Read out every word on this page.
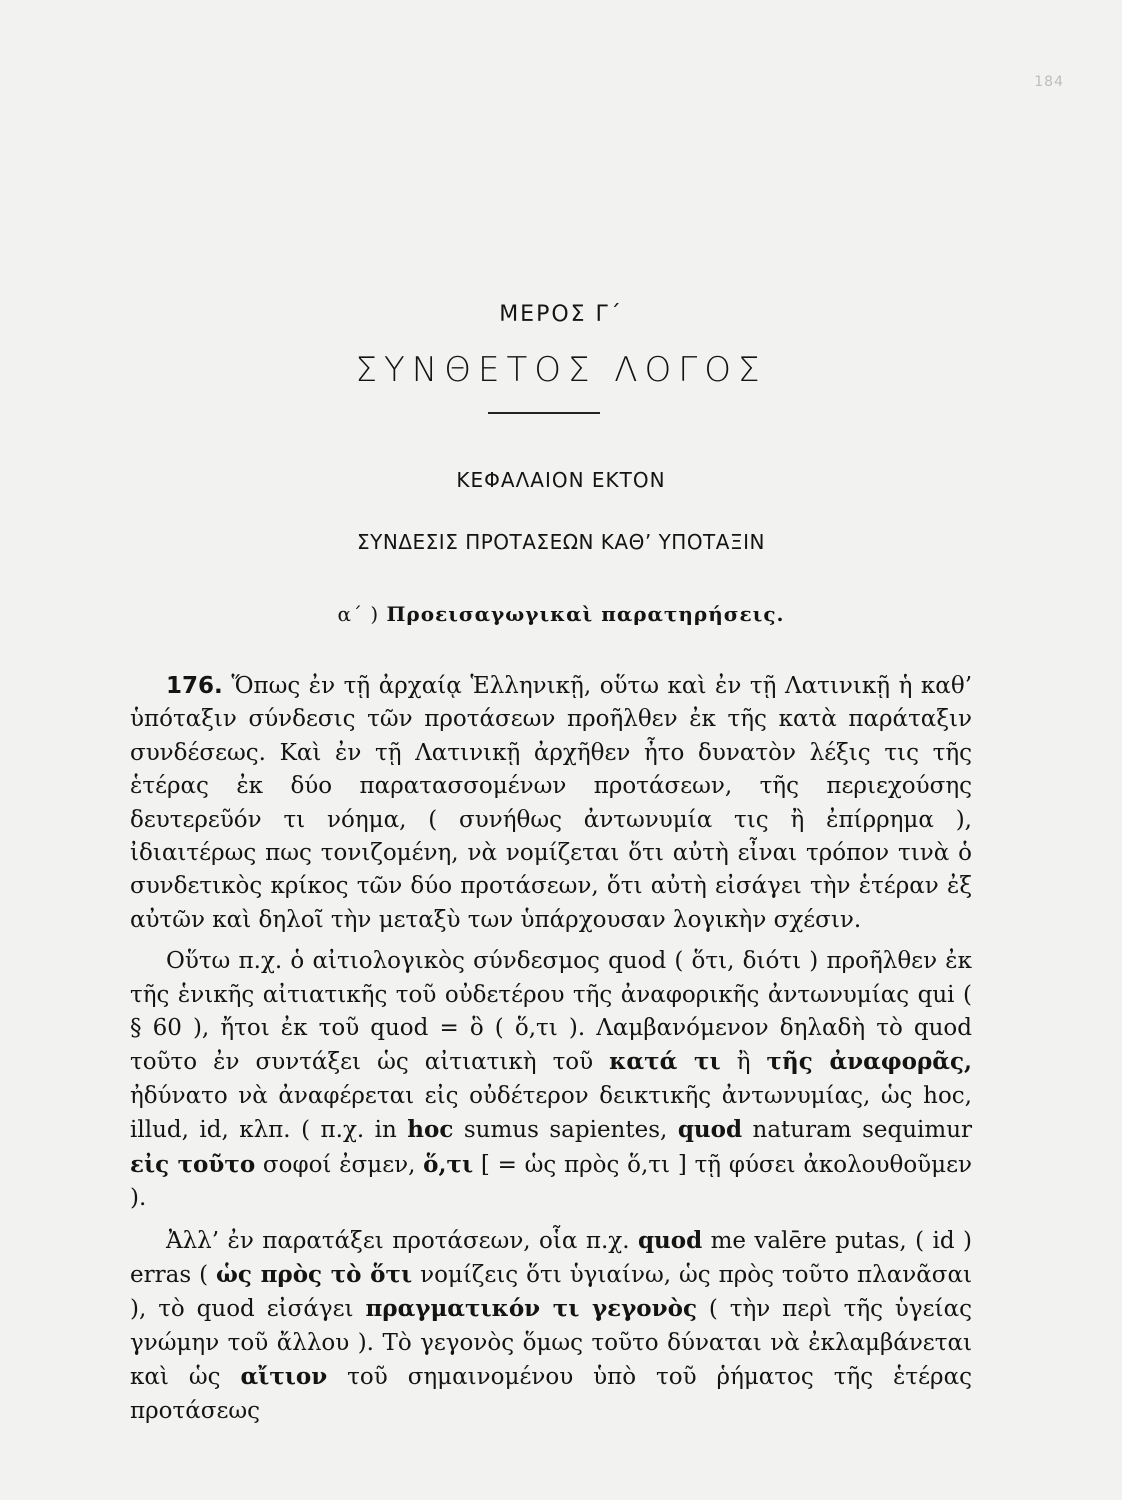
184
ΜΕΡΟΣ Γ΄
ΣΥΝΘΕΤΟΣ ΛΟΓΟΣ
ΚΕΦΑΛΑΙΟΝ ΕΚΤΟΝ
ΣΥΝΔΕΣΙΣ ΠΡΟΤΑΣΕΩΝ ΚΑΘ’ ΥΠΟΤΑΞΙΝ
α΄ ) Προεισαγωγικαὶ παρατηρήσεις.

176. Ὅπως ἐν τῇ ἀρχαίᾳ Ἑλληνικῇ, οὕτω καὶ ἐν τῇ Λατινικῇ ἡ καθ’ ὑπόταξιν σύνδεσις τῶν προτάσεων προῆλθεν ἐκ τῆς κατὰ παράταξιν συνδέσεως. Καὶ ἐν τῇ Λατινικῇ ἀρχῆθεν ἦτο δυνατὸν λέξις τις τῆς ἑτέρας ἐκ δύο παρατασσομένων προτάσεων, τῆς περιεχούσης δευτερεῦόν τι νόημα, ( συνήθως ἀντωνυμία τις ἢ ἐπίρρημα ), ἰδιαιτέρως πως τονιζομένη, νὰ νομίζεται ὅτι αὐτὴ εἶναι τρόπον τινὰ ὁ συνδετικὸς κρίκος τῶν δύο προτάσεων, ὅτι αὐτὴ εἰσάγει τὴν ἑτέραν ἐξ αὐτῶν καὶ δηλοῖ τὴν μεταξὺ των ὑπάρχουσαν λογικὴν σχέσιν.

Οὕτω π.χ. ὁ αἰτιολογικὸς σύνδεσμος quod ( ὅτι, διότι ) προῆλθεν ἐκ τῆς ἑνικῆς αἰτιατικῆς τοῦ οὐδετέρου τῆς ἀναφορικῆς ἀντωνυμίας qui ( § 60 ), ἤτοι ἐκ τοῦ quod = ὃ ( ὅ,τι ). Λαμβανόμενον δηλαδὴ τὸ quod τοῦτο ἐν συντάξει ὡς αἰτιατικὴ τοῦ κατά τι ἢ τῆς ἀναφορᾶς, ἠδύνατο νὰ ἀναφέρεται εἰς οὐδέτερον δεικτικῆς ἀντωνυμίας, ὡς hoc, illud, id, κλπ. ( π.χ. in hoc sumus sapientes, quod naturam sequimur εἰς τοῦτο σοφοί ἐσμεν, ὅ,τι [ = ὡς πρὸς ὅ,τι ] τῇ φύσει ἀκολουθοῦμεν ).

Ἀλλ’ ἐν παρατάξει προτάσεων, οἷα π.χ. quod me valēre putas, ( id ) erras ( ὡς πρὸς τὸ ὅτι νομίζεις ὅτι ὑγιαίνω, ὡς πρὸς τοῦτο πλανᾶσαι ), τὸ quod εἰσάγει πραγματικόν τι γεγονὸς ( τὴν περὶ τῆς ὑγείας γνώμην τοῦ ἄλλου ). Τὸ γεγονὸς ὅμως τοῦτο δύναται νὰ ἐκλαμβάνεται καὶ ὡς αἴτιον τοῦ σημαινομένου ὑπὸ τοῦ ῥήματος τῆς ἑτέρας προτάσεως
